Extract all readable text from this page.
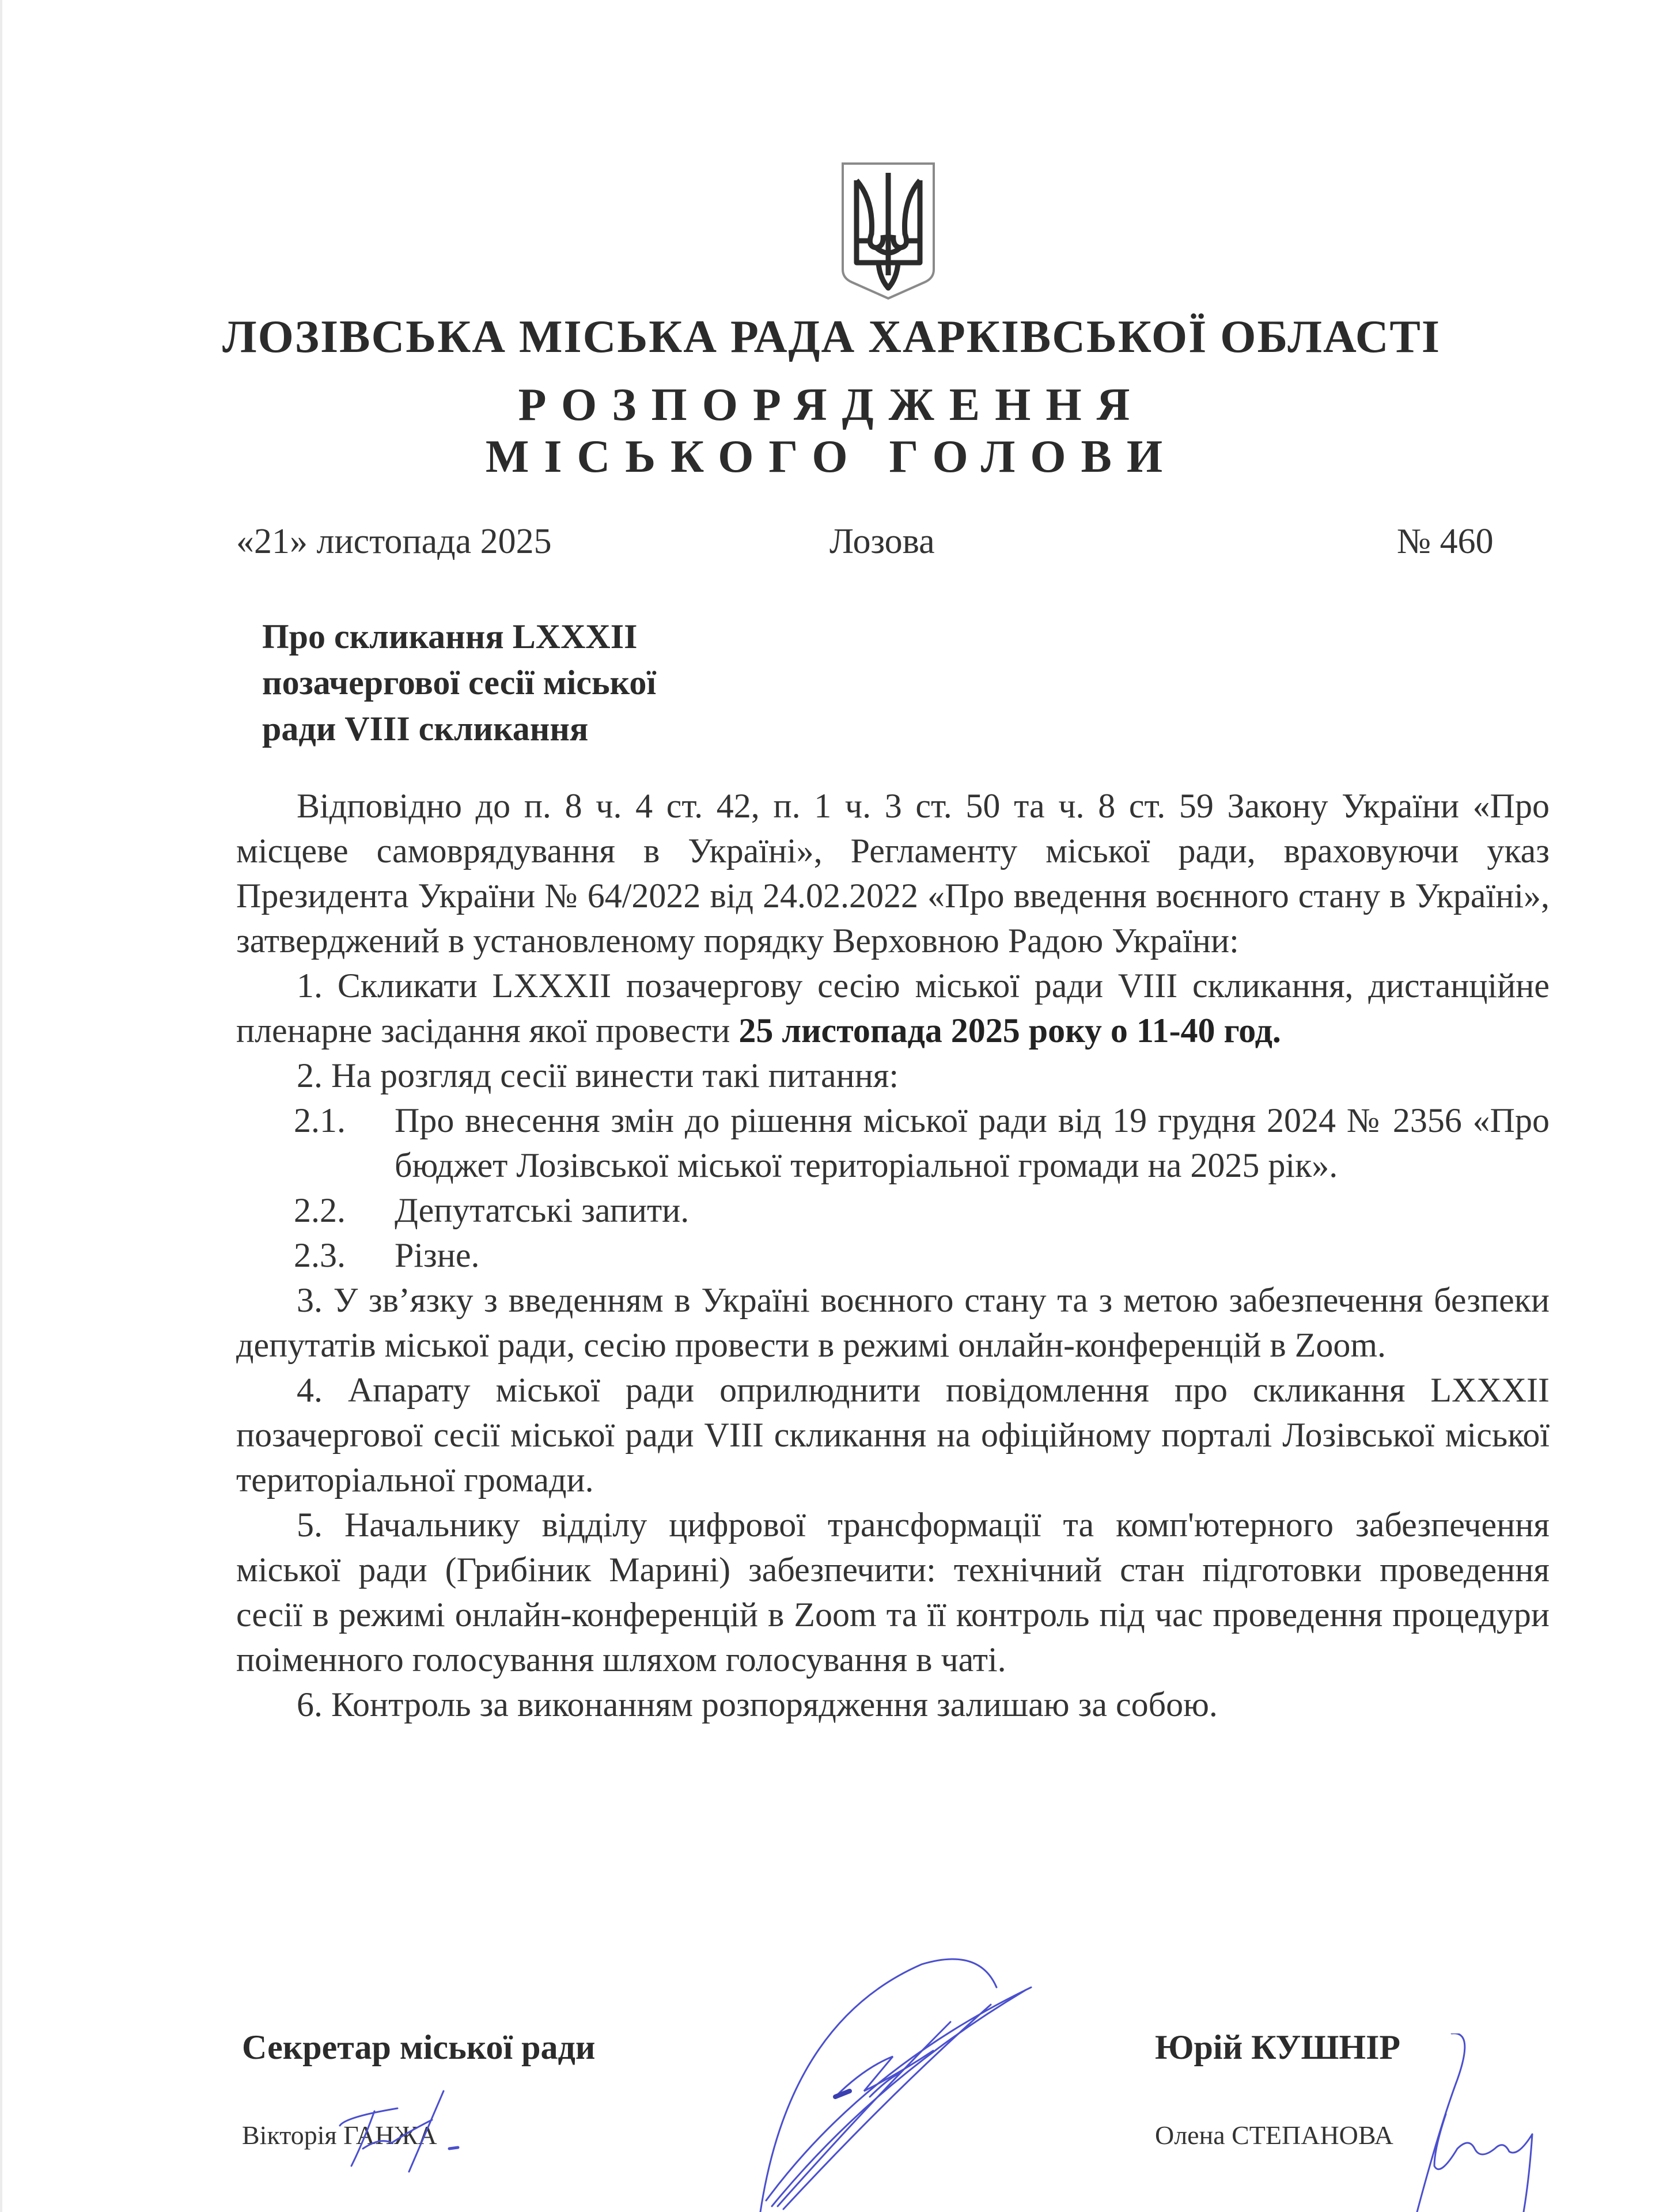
ЛОЗІВСЬКА МІСЬКА РАДА ХАРКІВСЬКОЇ ОБЛАСТІ
РОЗПОРЯДЖЕННЯ
МІСЬКОГО ГОЛОВИ
«21» листопада 2025	Лозова	№ 460
Про скликання LXXXII
позачергової сесії міської
ради VIII скликання

Відповідно до п. 8 ч. 4 ст. 42, п. 1 ч. 3 ст. 50 та ч. 8 ст. 59 Закону України «Про місцеве самоврядування в Україні», Регламенту міської ради, враховуючи указ Президента України № 64/2022 від 24.02.2022 «Про введення воєнного стану в Україні», затверджений в установленому порядку Верховною Радою України:

1. Скликати LXXXII позачергову сесію міської ради VIII скликання, дистанційне пленарне засідання якої провести 25 листопада 2025 року о 11-40 год.

2. На розгляд сесії винести такі питання:

2.1.	Про внесення змін до рішення міської ради від 19 грудня 2024 № 2356 «Про бюджет Лозівської міської територіальної громади на 2025 рік».
2.2.	Депутатські запити.
2.3.	Різне.

3. У зв’язку з введенням в Україні воєнного стану та з метою забезпечення безпеки депутатів міської ради, сесію провести в режимі онлайн-конференцій в Zoom.

4. Апарату міської ради оприлюднити повідомлення про скликання LXXXII позачергової сесії міської ради VIII скликання на офіційному порталі Лозівської міської територіальної громади.

5. Начальнику відділу цифрової трансформації та комп'ютерного забезпечення міської ради (Грибіник Марині) забезпечити: технічний стан підготовки проведення сесії в режимі онлайн-конференцій в Zoom та її контроль під час проведення процедури поіменного голосування шляхом голосування в чаті.

6. Контроль за виконанням розпорядження залишаю за собою.

Секретар міської ради
Вікторія ГАНЖА
Юрій КУШНІР
Олена СТЕПАНОВА
